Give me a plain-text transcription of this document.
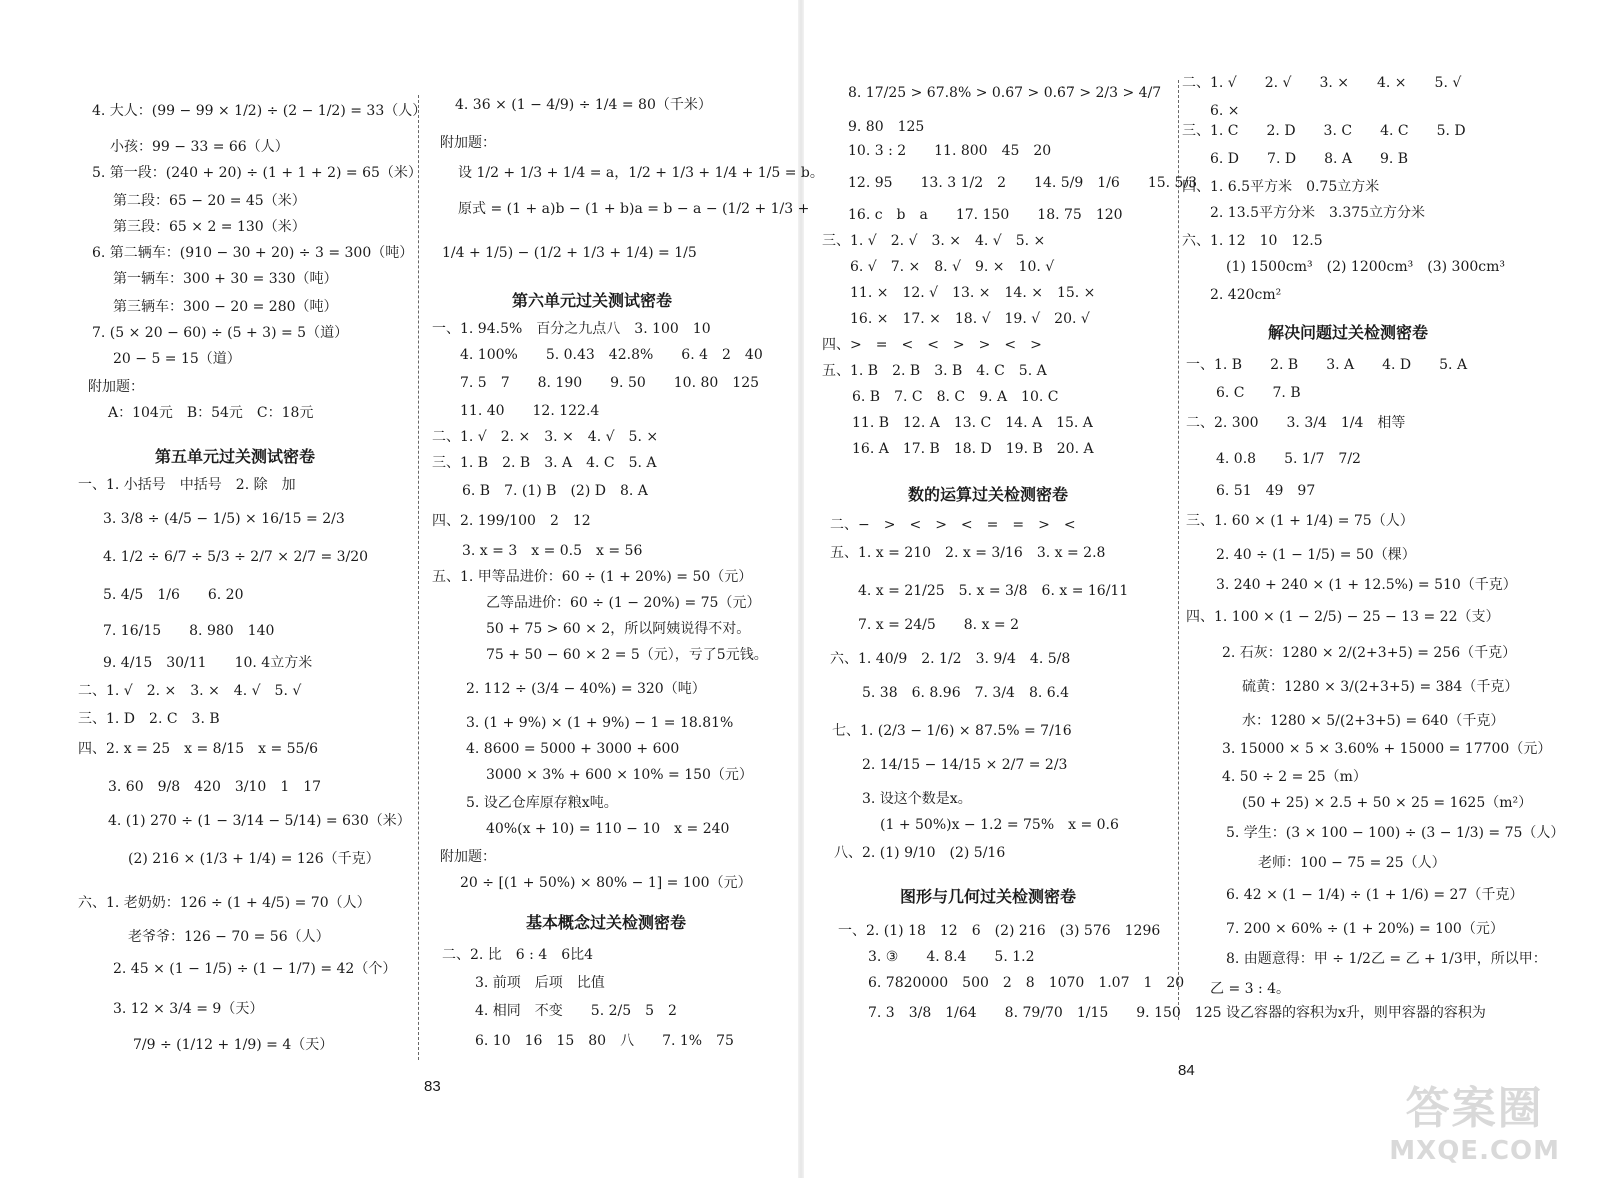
4. 大人：(99 − 99 × 1/2) ÷ (2 − 1/2) = 33（人）
小孩：99 − 33 = 66（人）
5. 第一段：(240 + 20) ÷ (1 + 1 + 2) = 65（米）
第二段：65 − 20 = 45（米）
第三段：65 × 2 = 130（米）
6. 第二辆车：(910 − 30 + 20) ÷ 3 = 300（吨）
第一辆车：300 + 30 = 330（吨）
第三辆车：300 − 20 = 280（吨）
7. (5 × 20 − 60) ÷ (5 + 3) = 5（道）
20 − 5 = 15（道）
附加题：
A：104元　B：54元　C：18元
第五单元过关测试密卷
一、1. 小括号　中括号　2. 除　加
3. 3/8 ÷ (4/5 − 1/5) × 16/15 = 2/3
4. 1/2 ÷ 6/7 ÷ 5/3 ÷ 2/7 × 2/7 = 3/20
5. 4/5　1/6　　6. 20
7. 16/15　　8. 980　140
9. 4/15　30/11　　10. 4立方米
二、1. √　2. ×　3. ×　4. √　5. √
三、1. D　2. C　3. B
四、2. x = 25　x = 8/15　x = 55/6
3. 60　9/8　420　3/10　1　17
4. (1) 270 ÷ (1 − 3/14 − 5/14) = 630（米）
(2) 216 × (1/3 + 1/4) = 126（千克）
六、1. 老奶奶：126 ÷ (1 + 4/5) = 70（人）
老爷爷：126 − 70 = 56（人）
2. 45 × (1 − 1/5) ÷ (1 − 1/7) = 42（个）
3. 12 × 3/4 = 9（天）
7/9 ÷ (1/12 + 1/9) = 4（天）
4. 36 × (1 − 4/9) ÷ 1/4 = 80（千米）
附加题：
设 1/2 + 1/3 + 1/4 = a，1/2 + 1/3 + 1/4 + 1/5 = b。
原式 = (1 + a)b − (1 + b)a = b − a − (1/2 + 1/3 +
1/4 + 1/5) − (1/2 + 1/3 + 1/4) = 1/5
第六单元过关测试密卷
一、1. 94.5%　百分之九点八　3. 100　10
4. 100%　　5. 0.43　42.8%　　6. 4　2　40
7. 5　7　　8. 190　　9. 50　　10. 80　125
11. 40　　12. 122.4
二、1. √　2. ×　3. ×　4. √　5. ×
三、1. B　2. B　3. A　4. C　5. A
6. B　7. (1) B　(2) D　8. A
四、2. 199/100　2　12
3. x = 3　x = 0.5　x = 56
五、1. 甲等品进价：60 ÷ (1 + 20%) = 50（元）
乙等品进价：60 ÷ (1 − 20%) = 75（元）
50 + 75 > 60 × 2，所以阿姨说得不对。
75 + 50 − 60 × 2 = 5（元），亏了5元钱。
2. 112 ÷ (3/4 − 40%) = 320（吨）
3. (1 + 9%) × (1 + 9%) − 1 = 18.81%
4. 8600 = 5000 + 3000 + 600
3000 × 3% + 600 × 10% = 150（元）
5. 设乙仓库原存粮x吨。
40%(x + 10) = 110 − 10　x = 240
附加题：
20 ÷ [(1 + 50%) × 80% − 1] = 100（元）
基本概念过关检测密卷
二、2. 比　6 : 4　6比4
3. 前项　后项　比值
4. 相同　不变　　5. 2/5　5　2
6. 10　16　15　80　八　　7. 1%　75
8. 17/25 > 67.8% > 0.6̇7 > 0.6̇7̇ > 2/3 > 4/7
9. 80　125
10. 3 : 2　　11. 800　45　20
12. 95　　13. 3 1/2　2　　14. 5/9　1/6　　15. 5/3
16. c　b　a　　17. 150　　18. 75　120
三、1. √　2. √　3. ×　4. √　5. ×
6. √　7. ×　8. √　9. ×　10. √
11. ×　12. √　13. ×　14. ×　15. ×
16. ×　17. ×　18. √　19. √　20. √
四、>　=　<　<　>　>　<　>
五、1. B　2. B　3. B　4. C　5. A
6. B　7. C　8. C　9. A　10. C
11. B　12. A　13. C　14. A　15. A
16. A　17. B　18. D　19. B　20. A
数的运算过关检测密卷
二、−　>　<　>　<　=　=　>　<
五、1. x = 210　2. x = 3/16　3. x = 2.8
4. x = 21/25　5. x = 3/8　6. x = 16/11
7. x = 24/5　　8. x = 2
六、1. 40/9　2. 1/2　3. 9/4　4. 5/8
5. 38　6. 8.96　7. 3/4　8. 6.4
七、1. (2/3 − 1/6) × 87.5% = 7/16
2. 14/15 − 14/15 × 2/7 = 2/3
3. 设这个数是x。
(1 + 50%)x − 1.2 = 75%　x = 0.6
八、2. (1) 9/10　(2) 5/16
图形与几何过关检测密卷
一、2. (1) 18　12　6　(2) 216　(3) 576　1296
3. ③　　4. 8.4　　5. 1.2
6. 7820000　500　2　8　1070　1.07　1　20
7. 3　3/8　1/64　　8. 79/70　1/15　　9. 150　125
二、1. √　　2. √　　3. ×　　4. ×　　5. √
6. ×
三、1. C　　2. D　　3. C　　4. C　　5. D
6. D　　7. D　　8. A　　9. B
四、1. 6.5平方米　0.75立方米
2. 13.5平方分米　3.375立方分米
六、1. 12　10　12.5
(1) 1500cm³　(2) 1200cm³　(3) 300cm³
2. 420cm²
解决问题过关检测密卷
一、1. B　　2. B　　3. A　　4. D　　5. A
6. C　　7. B
二、2. 300　　3. 3/4　1/4　相等
4. 0.8　　5. 1/7　7/2
6. 51　49　97
三、1. 60 × (1 + 1/4) = 75（人）
2. 40 ÷ (1 − 1/5) = 50（棵）
3. 240 + 240 × (1 + 12.5%) = 510（千克）
四、1. 100 × (1 − 2/5) − 25 − 13 = 22（支）
2. 石灰：1280 × 2/(2+3+5) = 256（千克）
硫黄：1280 × 3/(2+3+5) = 384（千克）
水：1280 × 5/(2+3+5) = 640（千克）
3. 15000 × 5 × 3.60% + 15000 = 17700（元）
4. 50 ÷ 2 = 25（m）
(50 + 25) × 2.5 + 50 × 25 = 1625（m²）
5. 学生：(3 × 100 − 100) ÷ (3 − 1/3) = 75（人）
老师：100 − 75 = 25（人）
6. 42 × (1 − 1/4) ÷ (1 + 1/6) = 27（千克）
7. 200 × 60% ÷ (1 + 20%) = 100（元）
8. 由题意得：甲 ÷ 1/2乙 = 乙 + 1/3甲，所以甲：
乙 = 3 : 4。
设乙容器的容积为x升，则甲容器的容积为
83
84
答案圈
MXQE.COM
